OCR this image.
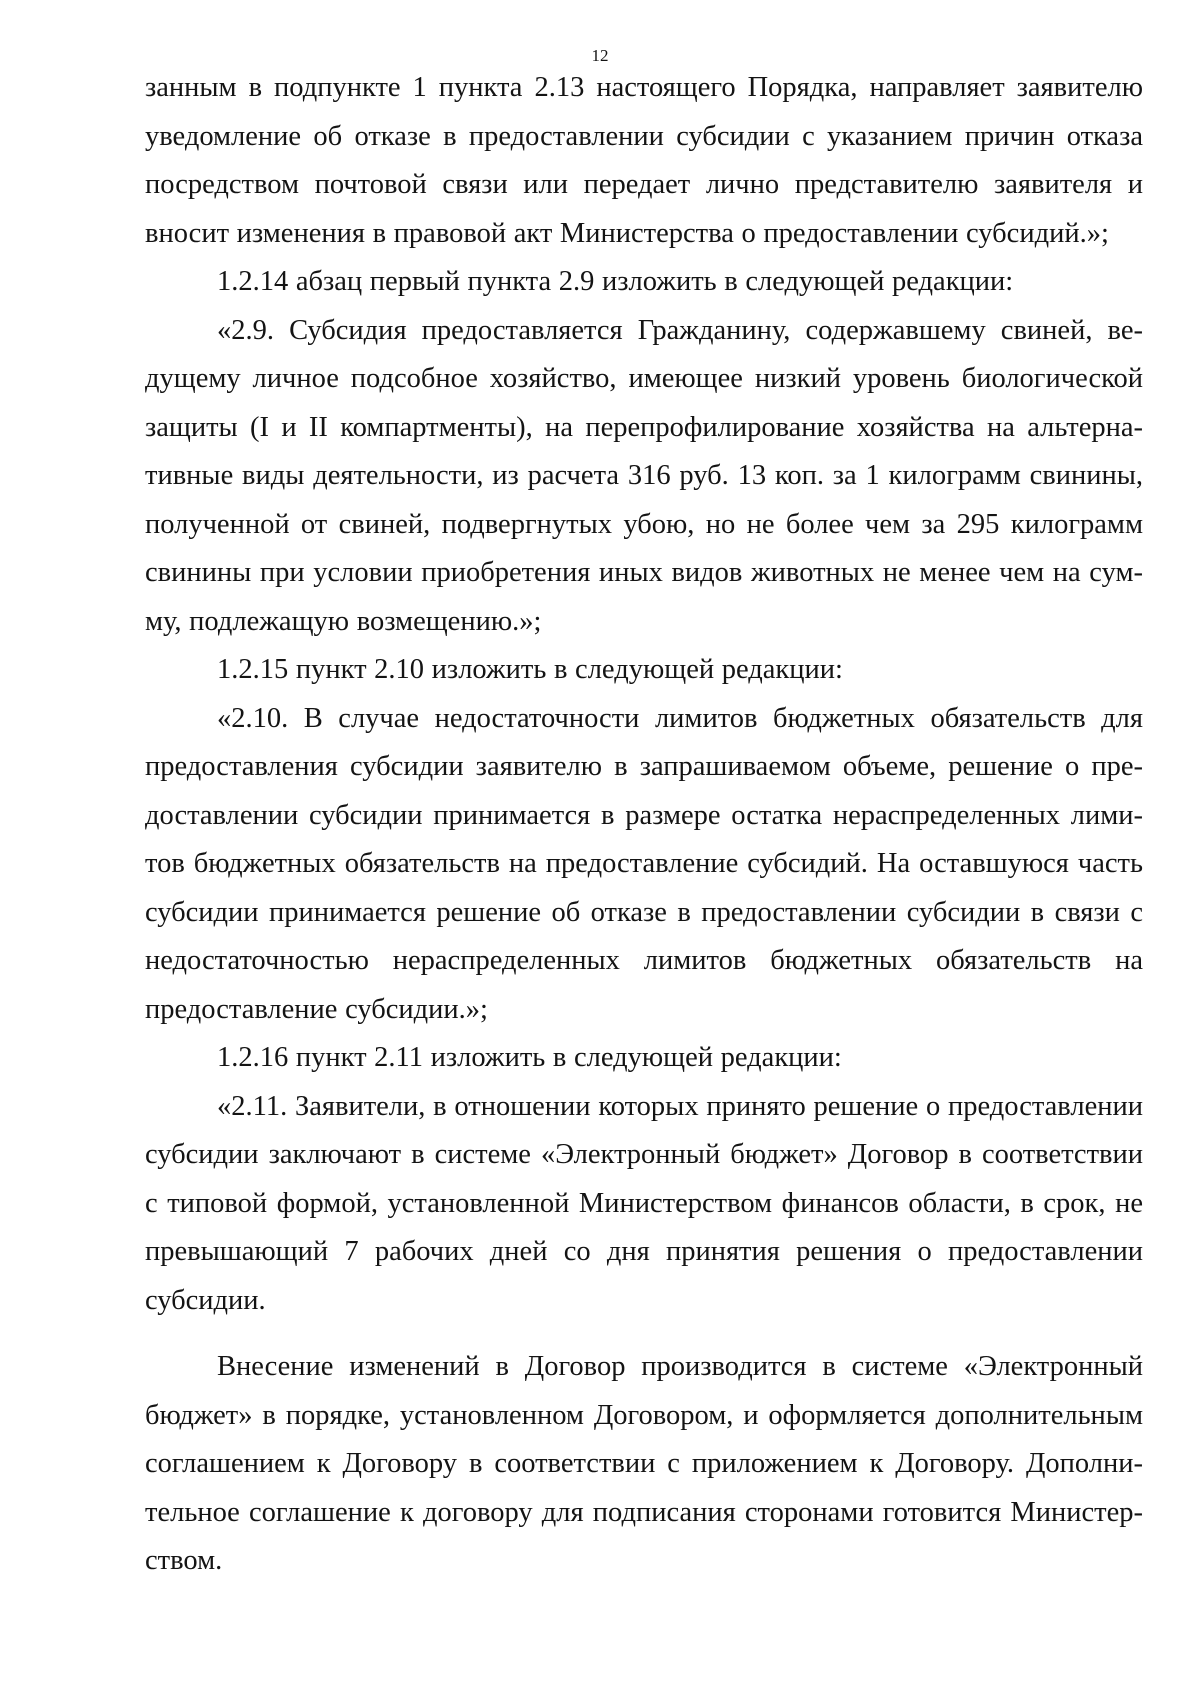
12

занным в подпункте 1 пункта 2.13 настоящего Порядка, направляет заявителю уведомление об отказе в предоставлении субсидии с указанием причин отказа посредством почтовой связи или передает лично представителю заявителя и вносит изменения в правовой акт Министерства о предоставлении субсидий.»;

1.2.14 абзац первый пункта 2.9 изложить в следующей редакции:

«2.9. Субсидия предоставляется Гражданину, содержавшему свиней, ведущему личное подсобное хозяйство, имеющее низкий уровень биологической защиты (I и II компартменты), на перепрофилирование хозяйства на альтернативные виды деятельности, из расчета 316 руб. 13 коп. за 1 килограмм свинины, полученной от свиней, подвергнутых убою, но не более чем за 295 килограмм свинины при условии приобретения иных видов животных не менее чем на сумму, подлежащую возмещению.»;

1.2.15 пункт 2.10 изложить в следующей редакции:

«2.10. В случае недостаточности лимитов бюджетных обязательств для предоставления субсидии заявителю в запрашиваемом объеме, решение о предоставлении субсидии принимается в размере остатка нераспределенных лимитов бюджетных обязательств на предоставление субсидий. На оставшуюся часть субсидии принимается решение об отказе в предоставлении субсидии в связи с недостаточностью нераспределенных лимитов бюджетных обязательств на предоставление субсидии.»;

1.2.16 пункт 2.11 изложить в следующей редакции:

«2.11. Заявители, в отношении которых принято решение о предоставлении субсидии заключают в системе «Электронный бюджет» Договор в соответствии с типовой формой, установленной Министерством финансов области, в срок, не превышающий 7 рабочих дней со дня принятия решения о предоставлении субсидии.

Внесение изменений в Договор производится в системе «Электронный бюджет» в порядке, установленном Договором, и оформляется дополнительным соглашением к Договору в соответствии с приложением к Договору. Дополнительное соглашение к договору для подписания сторонами готовится Министерством.
